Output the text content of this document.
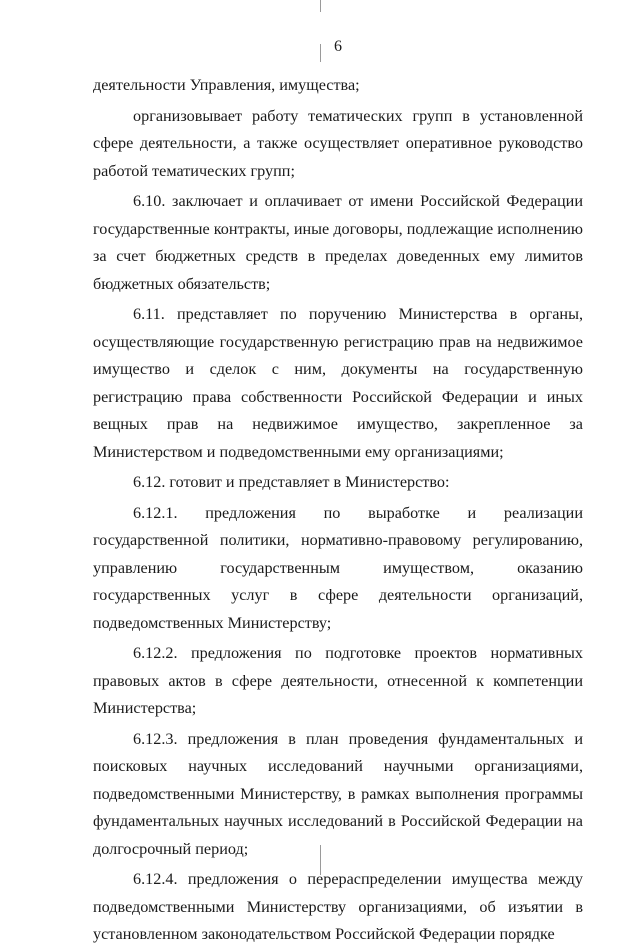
6

деятельности Управления, имущества;

организовывает работу тематических групп в установленной сфере деятельности, а также осуществляет оперативное руководство работой тематических групп;

6.10. заключает и оплачивает от имени Российской Федерации государственные контракты, иные договоры, подлежащие исполнению за счет бюджетных средств в пределах доведенных ему лимитов бюджетных обязательств;

6.11. представляет по поручению Министерства в органы, осуществляющие государственную регистрацию прав на недвижимое имущество и сделок с ним, документы на государственную регистрацию права собственности Российской Федерации и иных вещных прав на недвижимое имущество, закрепленное за Министерством и подведомственными ему организациями;

6.12. готовит и представляет в Министерство:

6.12.1. предложения по выработке и реализации государственной политики, нормативно-правовому регулированию, управлению государственным имуществом, оказанию государственных услуг в сфере деятельности организаций, подведомственных Министерству;

6.12.2. предложения по подготовке проектов нормативных правовых актов в сфере деятельности, отнесенной к компетенции Министерства;

6.12.3. предложения в план проведения фундаментальных и поисковых научных исследований научными организациями, подведомственными Министерству, в рамках выполнения программы фундаментальных научных исследований в Российской Федерации на долгосрочный период;

6.12.4. предложения о перераспределении имущества между подведомственными Министерству организациями, об изъятии в установленном законодательством Российской Федерации порядке
